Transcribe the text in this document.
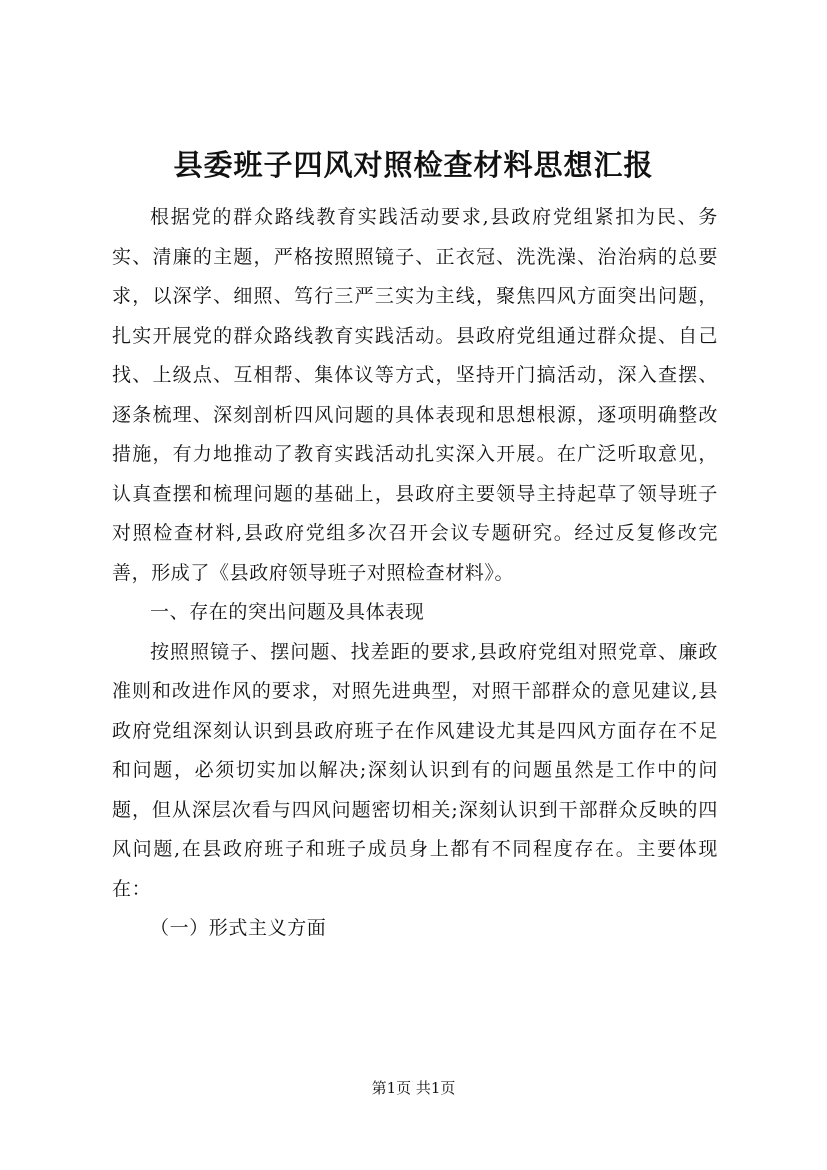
县委班子四风对照检查材料思想汇报

根据党的群众路线教育实践活动要求,县政府党组紧扣为民、务实、清廉的主题，严格按照照镜子、正衣冠、洗洗澡、治治病的总要求，以深学、细照、笃行三严三实为主线，聚焦四风方面突出问题，扎实开展党的群众路线教育实践活动。县政府党组通过群众提、自己找、上级点、互相帮、集体议等方式，坚持开门搞活动，深入查摆、逐条梳理、深刻剖析四风问题的具体表现和思想根源，逐项明确整改措施，有力地推动了教育实践活动扎实深入开展。在广泛听取意见，认真查摆和梳理问题的基础上，县政府主要领导主持起草了领导班子对照检查材料,县政府党组多次召开会议专题研究。经过反复修改完善，形成了《县政府领导班子对照检查材料》。

一、存在的突出问题及具体表现

按照照镜子、摆问题、找差距的要求,县政府党组对照党章、廉政准则和改进作风的要求，对照先进典型，对照干部群众的意见建议,县政府党组深刻认识到县政府班子在作风建设尤其是四风方面存在不足和问题，必须切实加以解决;深刻认识到有的问题虽然是工作中的问题，但从深层次看与四风问题密切相关;深刻认识到干部群众反映的四风问题,在县政府班子和班子成员身上都有不同程度存在。主要体现在：

（一）形式主义方面

第1页 共1页
